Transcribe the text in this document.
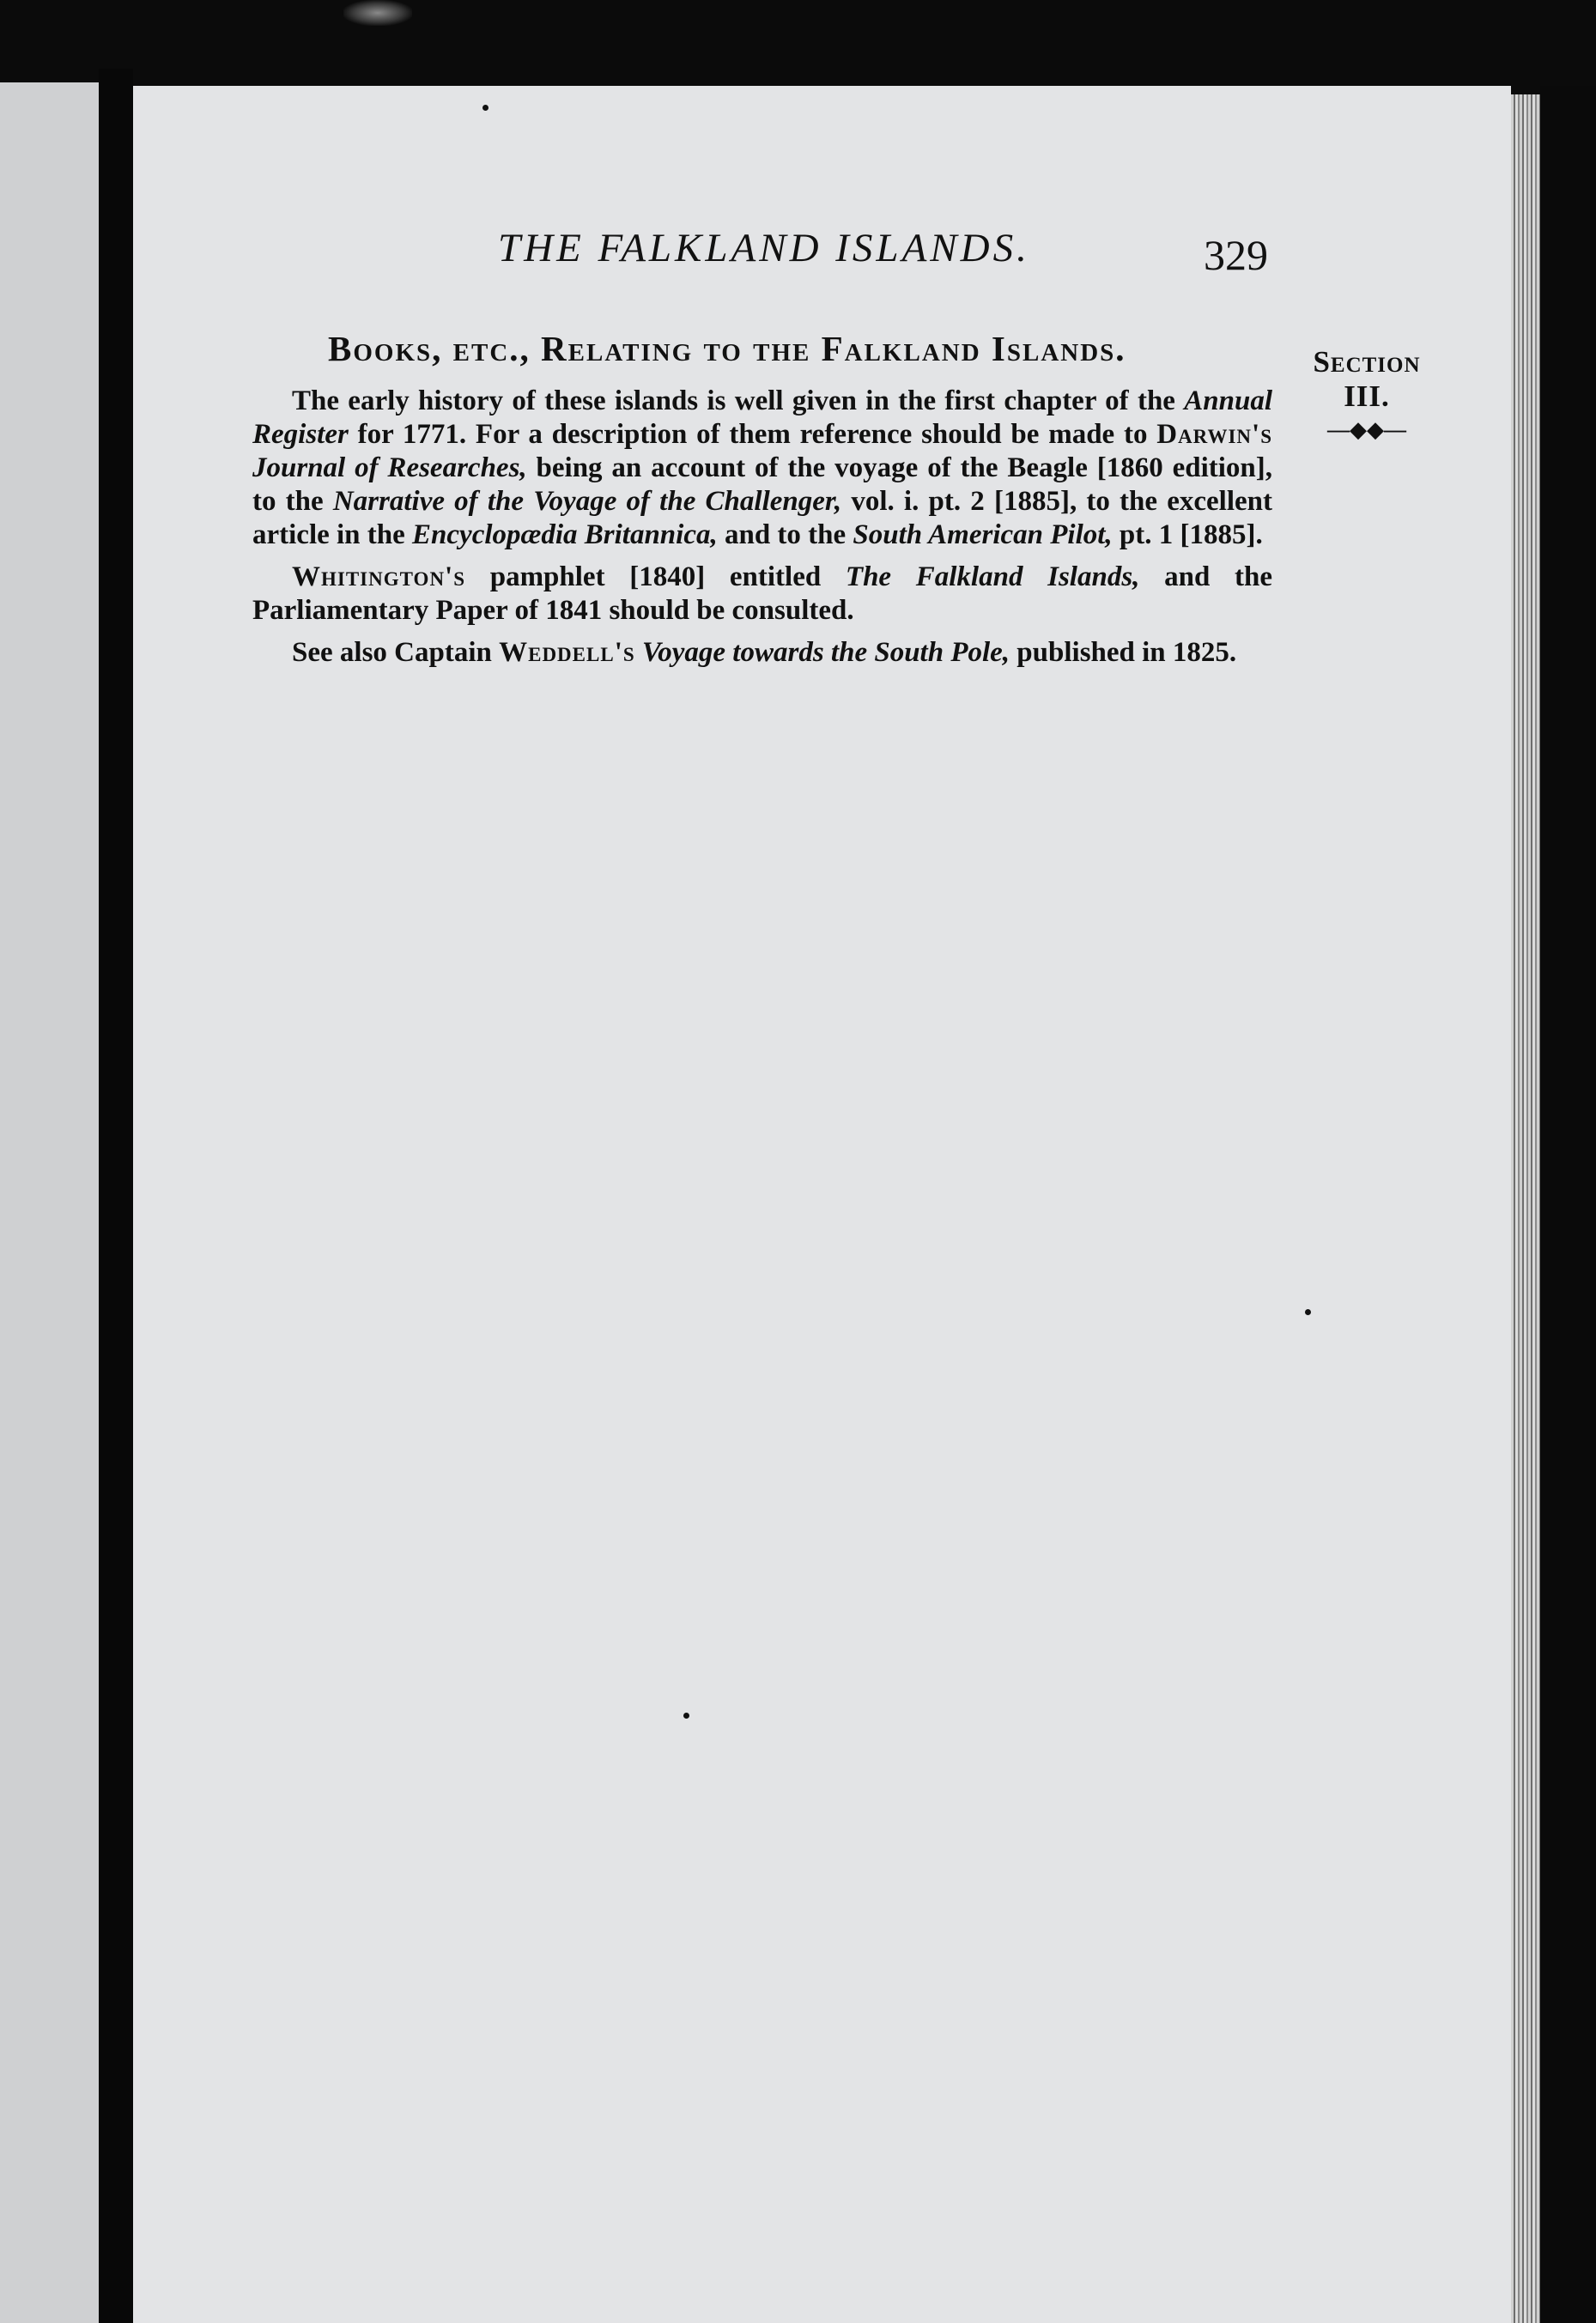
THE FALKLAND ISLANDS.	329
Books, etc., Relating to the Falkland Islands.	Section
III.
—◆◆—

The early history of these islands is well given in the first chapter of the Annual Register for 1771. For a description of them reference should be made to Darwin's Journal of Researches, being an account of the voyage of the Beagle [1860 edition], to the Narrative of the Voyage of the Challenger, vol. i. pt. 2 [1885], to the excellent article in the Encyclopædia Britannica, and to the South American Pilot, pt. 1 [1885].

Whitington's pamphlet [1840] entitled The Falkland Islands, and the Parliamentary Paper of 1841 should be consulted.

See also Captain Weddell's Voyage towards the South Pole, published in 1825.
